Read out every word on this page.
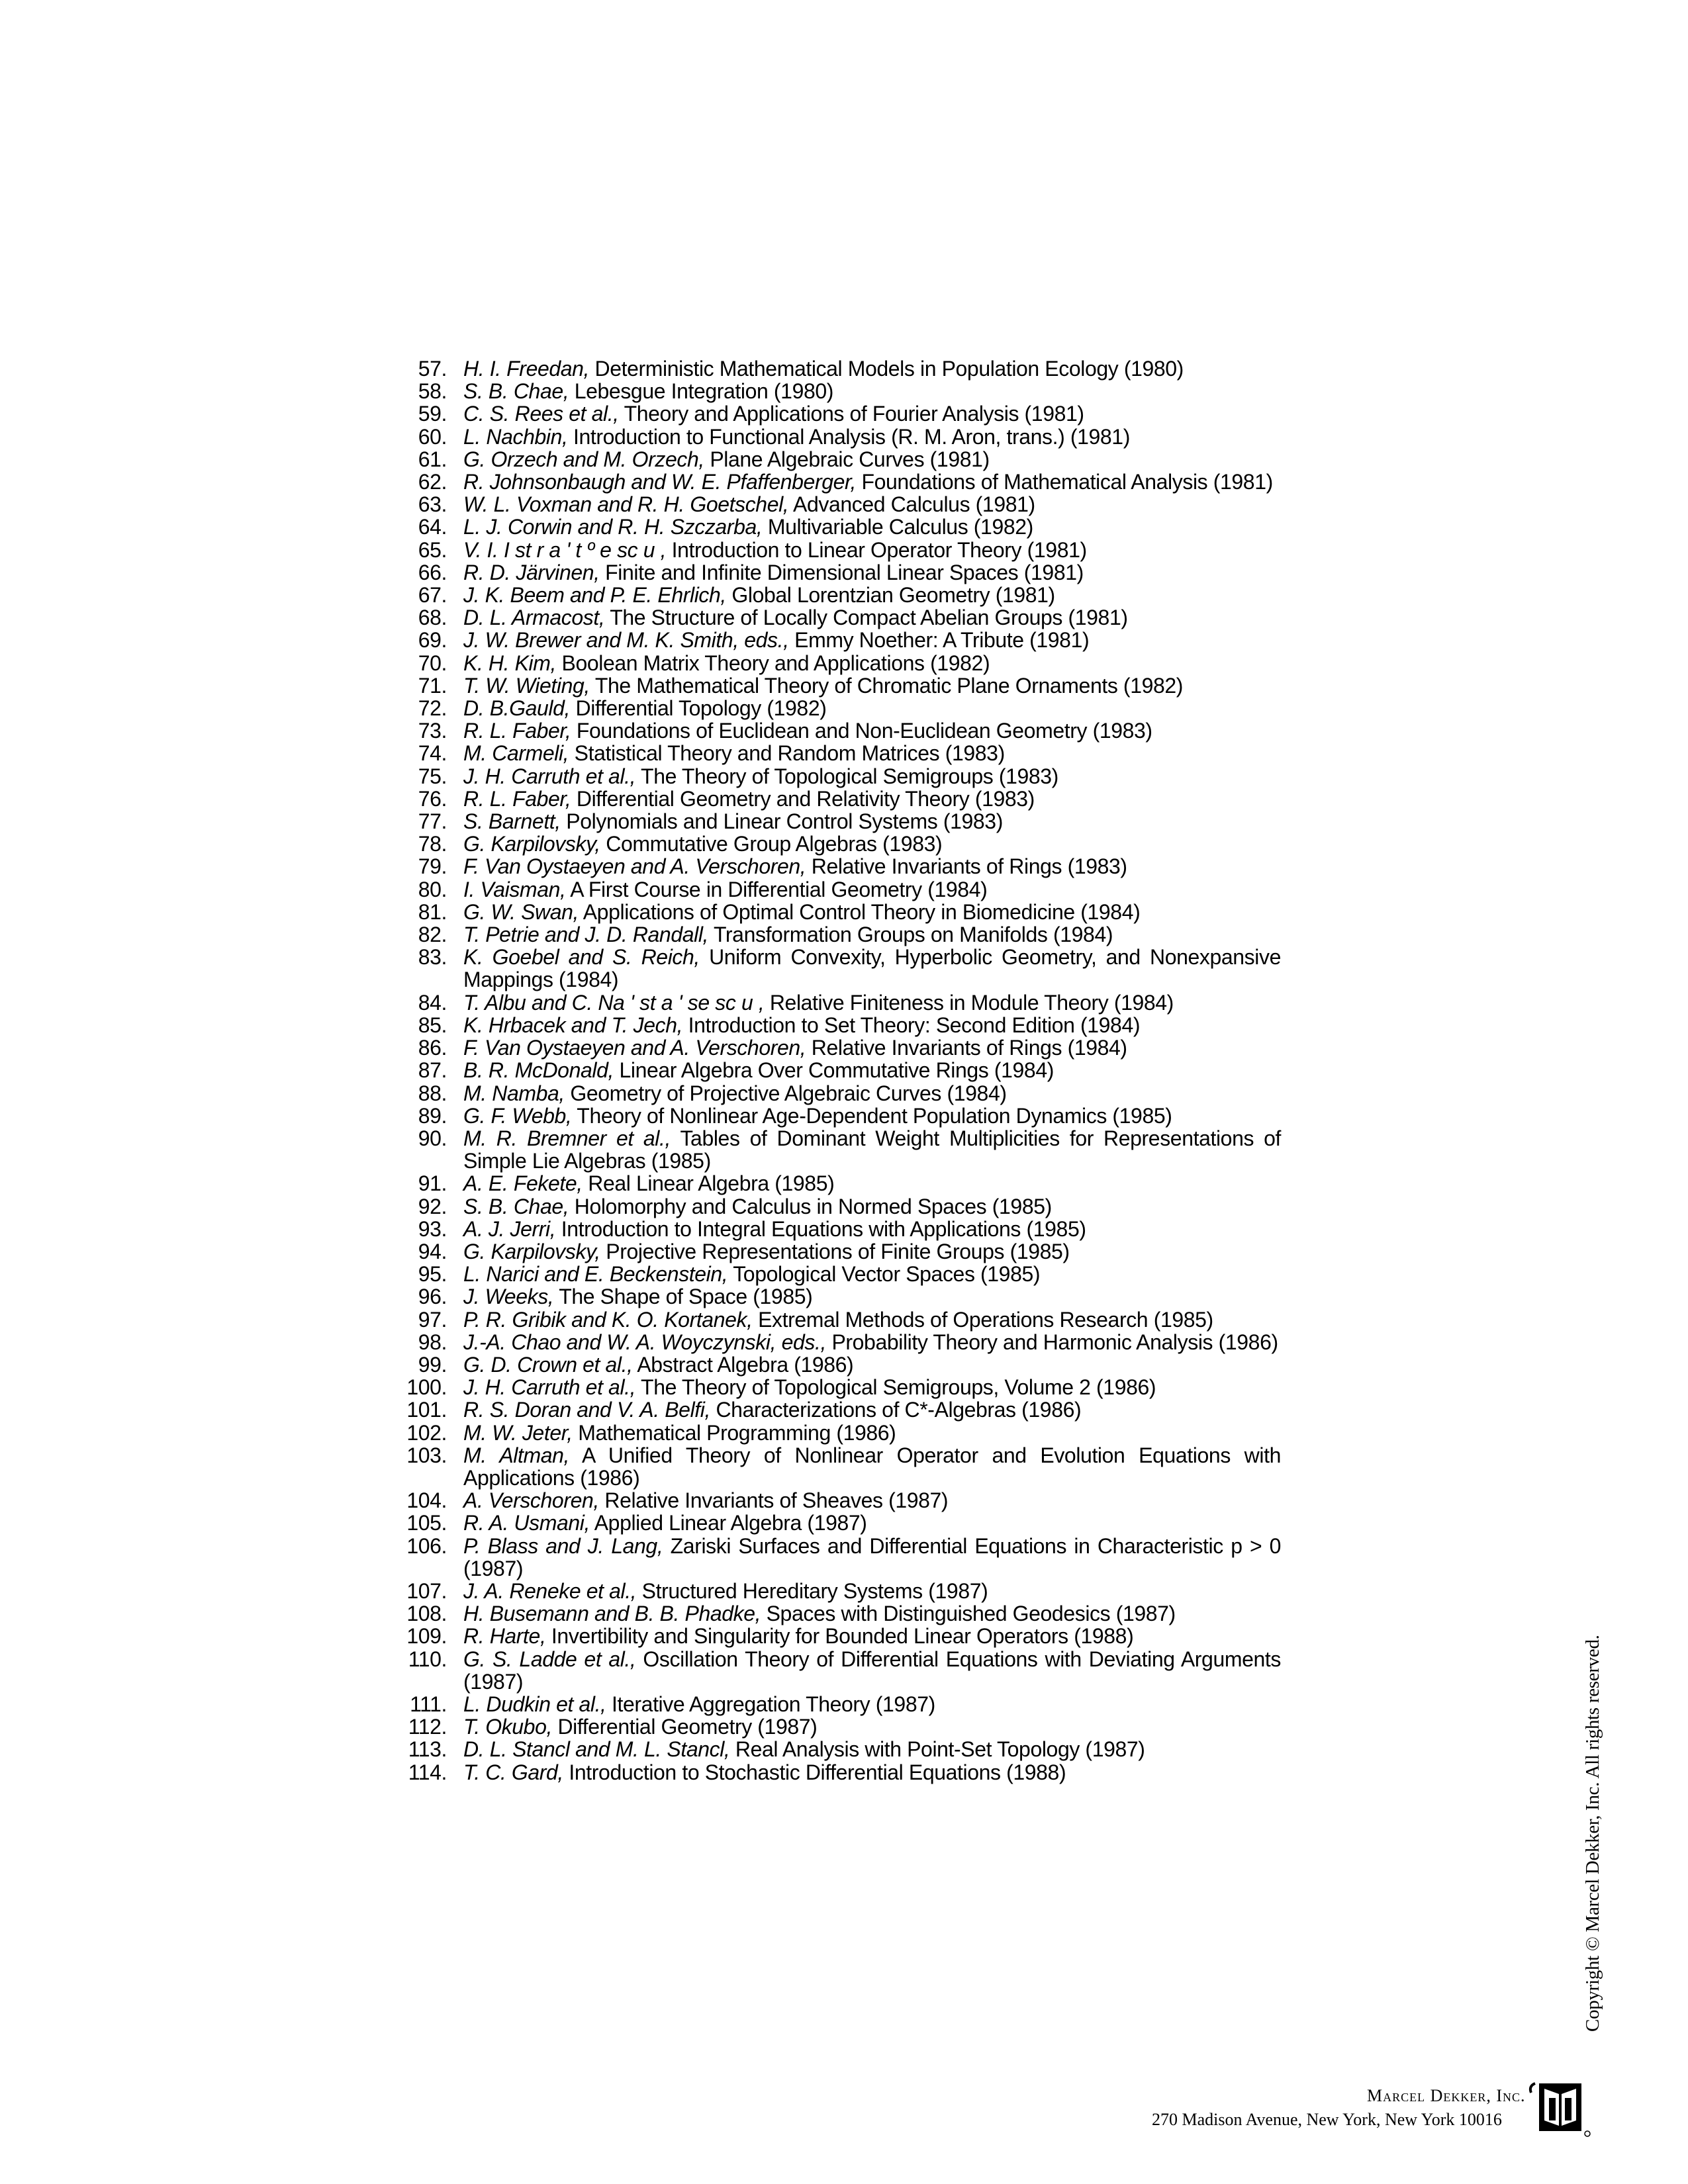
57. H. I. Freedan, Deterministic Mathematical Models in Population Ecology (1980)
58. S. B. Chae, Lebesgue Integration (1980)
59. C. S. Rees et al., Theory and Applications of Fourier Analysis (1981)
60. L. Nachbin, Introduction to Functional Analysis (R. M. Aron, trans.) (1981)
61. G. Orzech and M. Orzech, Plane Algebraic Curves (1981)
62. R. Johnsonbaugh and W. E. Pfaffenberger, Foundations of Mathematical Analysis (1981)
63. W. L. Voxman and R. H. Goetschel, Advanced Calculus (1981)
64. L. J. Corwin and R. H. Szczarba, Multivariable Calculus (1982)
65. V. I. I st r a ' t º e sc u , Introduction to Linear Operator Theory (1981)
66. R. D. Järvinen, Finite and Infinite Dimensional Linear Spaces (1981)
67. J. K. Beem and P. E. Ehrlich, Global Lorentzian Geometry (1981)
68. D. L. Armacost, The Structure of Locally Compact Abelian Groups (1981)
69. J. W. Brewer and M. K. Smith, eds., Emmy Noether: A Tribute (1981)
70. K. H. Kim, Boolean Matrix Theory and Applications (1982)
71. T. W. Wieting, The Mathematical Theory of Chromatic Plane Ornaments (1982)
72. D. B.Gauld, Differential Topology (1982)
73. R. L. Faber, Foundations of Euclidean and Non-Euclidean Geometry (1983)
74. M. Carmeli, Statistical Theory and Random Matrices (1983)
75. J. H. Carruth et al., The Theory of Topological Semigroups (1983)
76. R. L. Faber, Differential Geometry and Relativity Theory (1983)
77. S. Barnett, Polynomials and Linear Control Systems (1983)
78. G. Karpilovsky, Commutative Group Algebras (1983)
79. F. Van Oystaeyen and A. Verschoren, Relative Invariants of Rings (1983)
80. I. Vaisman, A First Course in Differential Geometry (1984)
81. G. W. Swan, Applications of Optimal Control Theory in Biomedicine (1984)
82. T. Petrie and J. D. Randall, Transformation Groups on Manifolds (1984)
83. K. Goebel and S. Reich, Uniform Convexity, Hyperbolic Geometry, and Nonexpansive Mappings (1984)
84. T. Albu and C. Na ' st a ' se sc u , Relative Finiteness in Module Theory (1984)
85. K. Hrbacek and T. Jech, Introduction to Set Theory: Second Edition (1984)
86. F. Van Oystaeyen and A. Verschoren, Relative Invariants of Rings (1984)
87. B. R. McDonald, Linear Algebra Over Commutative Rings (1984)
88. M. Namba, Geometry of Projective Algebraic Curves (1984)
89. G. F. Webb, Theory of Nonlinear Age-Dependent Population Dynamics (1985)
90. M. R. Bremner et al., Tables of Dominant Weight Multiplicities for Representations of Simple Lie Algebras (1985)
91. A. E. Fekete, Real Linear Algebra (1985)
92. S. B. Chae, Holomorphy and Calculus in Normed Spaces (1985)
93. A. J. Jerri, Introduction to Integral Equations with Applications (1985)
94. G. Karpilovsky, Projective Representations of Finite Groups (1985)
95. L. Narici and E. Beckenstein, Topological Vector Spaces (1985)
96. J. Weeks, The Shape of Space (1985)
97. P. R. Gribik and K. O. Kortanek, Extremal Methods of Operations Research (1985)
98. J.-A. Chao and W. A. Woyczynski, eds., Probability Theory and Harmonic Analysis (1986)
99. G. D. Crown et al., Abstract Algebra (1986)
100. J. H. Carruth et al., The Theory of Topological Semigroups, Volume 2 (1986)
101. R. S. Doran and V. A. Belfi, Characterizations of C*-Algebras (1986)
102. M. W. Jeter, Mathematical Programming (1986)
103. M. Altman, A Unified Theory of Nonlinear Operator and Evolution Equations with Applications (1986)
104. A. Verschoren, Relative Invariants of Sheaves (1987)
105. R. A. Usmani, Applied Linear Algebra (1987)
106. P. Blass and J. Lang, Zariski Surfaces and Differential Equations in Characteristic p > 0 (1987)
107. J. A. Reneke et al., Structured Hereditary Systems (1987)
108. H. Busemann and B. B. Phadke, Spaces with Distinguished Geodesics (1987)
109. R. Harte, Invertibility and Singularity for Bounded Linear Operators (1988)
110. G. S. Ladde et al., Oscillation Theory of Differential Equations with Deviating Arguments (1987)
111. L. Dudkin et al., Iterative Aggregation Theory (1987)
112. T. Okubo, Differential Geometry (1987)
113. D. L. Stancl and M. L. Stancl, Real Analysis with Point-Set Topology (1987)
114. T. C. Gard, Introduction to Stochastic Differential Equations (1988)	Copyright © Marcel Dekker, Inc. All rights reserved.
Marcel Dekker, Inc.
270 Madison Avenue, New York, New York 10016
